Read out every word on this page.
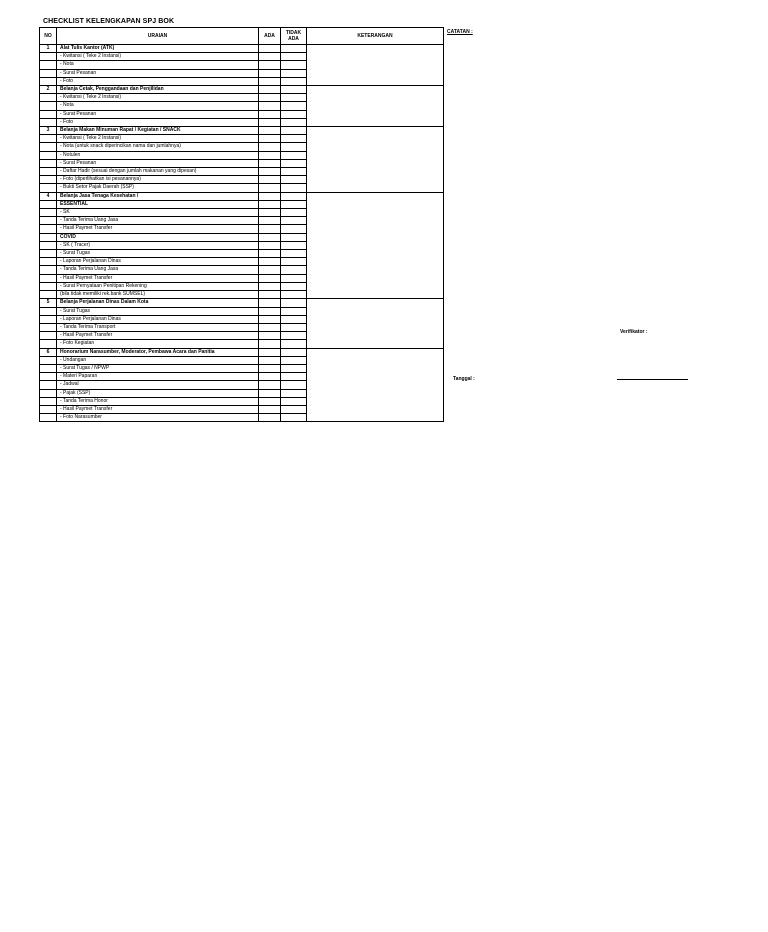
CHECKLIST KELENGKAPAN SPJ BOK
NO	URAIAN	ADA	TIDAK ADA	KETERANGAN
1	Alat Tulis Kantor (ATK)			
	- Kwitansi ( Teke 2 Instansi)			
	- Nota			
	- Surat Pesanan			
	- Foto			
2	Belanja Cetak, Penggandaan dan Penjilidan			
	- Kwitansi ( Teke 2 Instansi)			
	- Nota			
	- Surat Pesanan			
	- Foto			
3	Belanja Makan Minuman Rapat / Kegiatan / SNACK			
	- Kwitansi ( Teke 2 Instansi)			
	- Nota (untuk snack diperincikan nama dan jumlahnya)			
	- Notulen			
	- Surat Pesanan			
	- Daftar Hadir (sesuai dengan jumlah makanan yang dipesan)			
	- Foto (diperlihatkan isi pesanannya)			
	- Bukti Setor Pajak Daerah (SSP)			
4	Belanja Jasa Tenaga Kesehatan /			
	ESSENTIAL			
	- SK			
	- Tanda Terima Uang Jasa			
	- Hasil Paymet Transfer			
	COVID			
	- SK ( Tracer)			
	- Surat Tugas			
	- Laporan Perjalanan Dinas			
	- Tanda Terima Uang Jasa			
	- Hasil Paymet Transfer			
	- Surat Pernyataan Penitipan Rekening			
	(bila tidak memiliki rek.bank SUMSEL)			
5	Belanja Perjalanan Dinas Dalam Kota			
	- Surat Tugas			
	- Laporan Perjalanan Dinas			
	- Tanda Terima Transport			
	- Hasil Paymet Transfer			
	- Foto Kegiatan			
6	Honorarium Narasumber, Moderator, Pembawa Acara dan Panitia			
	- Undangan			
	- Surat Tugas / NPWP			
	- Materi Paparan			
	- Jadwal			
	- Pajak (SSP)			
	- Tanda Terima Honor			
	- Hasil Paymet Transfer			
	- Foto Narasumber			
CATATAN :
Verifikator :
Tanggal :
